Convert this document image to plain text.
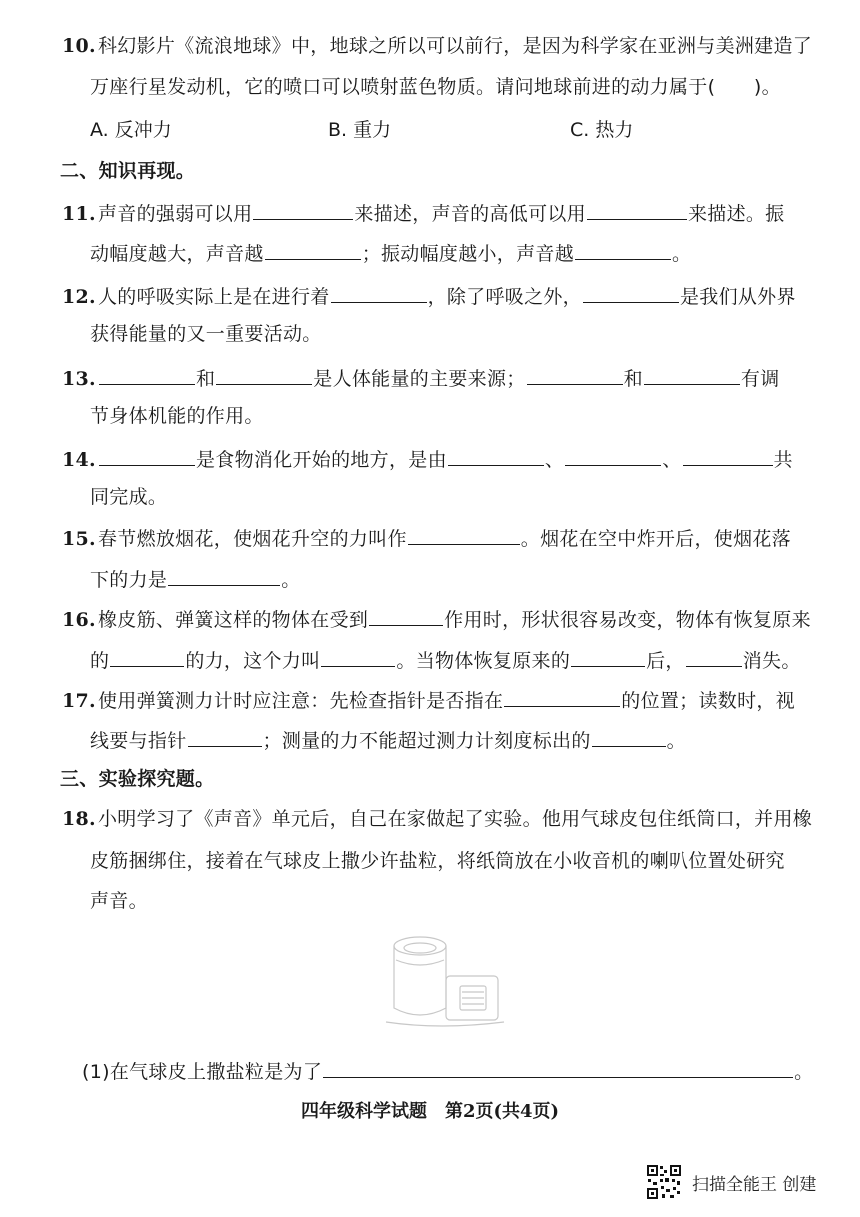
10. 科幻影片《流浪地球》中，地球之所以可以前行，是因为科学家在亚洲与美洲建造了
万座行星发动机，它的喷口可以喷射蓝色物质。请问地球前进的动力属于(　　)。
A. 反冲力	B. 重力	C. 热力
二、知识再现。
11. 声音的强弱可以用	来描述，声音的高低可以用	来描述。振
动幅度越大，声音越	；振动幅度越小，声音越	。
12. 人的呼吸实际上是在进行着	，除了呼吸之外，	是我们从外界
获得能量的又一重要活动。
13.	和	是人体能量的主要来源；	和	有调
节身体机能的作用。
14.	是食物消化开始的地方，是由	、	、	共
同完成。
15. 春节燃放烟花，使烟花升空的力叫作	。烟花在空中炸开后，使烟花落
下的力是	。
16. 橡皮筋、弹簧这样的物体在受到	作用时，形状很容易改变，物体有恢复原来
的	的力，这个力叫	。当物体恢复原来的	后，	消失。
17. 使用弹簧测力计时应注意：先检查指针是否指在	的位置；读数时，视
线要与指针	；测量的力不能超过测力计刻度标出的	。
三、实验探究题。
18. 小明学习了《声音》单元后，自己在家做起了实验。他用气球皮包住纸筒口，并用橡
皮筋捆绑住，接着在气球皮上撒少许盐粒，将纸筒放在小收音机的喇叭位置处研究
声音。
(1)在气球皮上撒盐粒是为了	。
四年级科学试题　第2页(共4页)
扫描全能王 创建
